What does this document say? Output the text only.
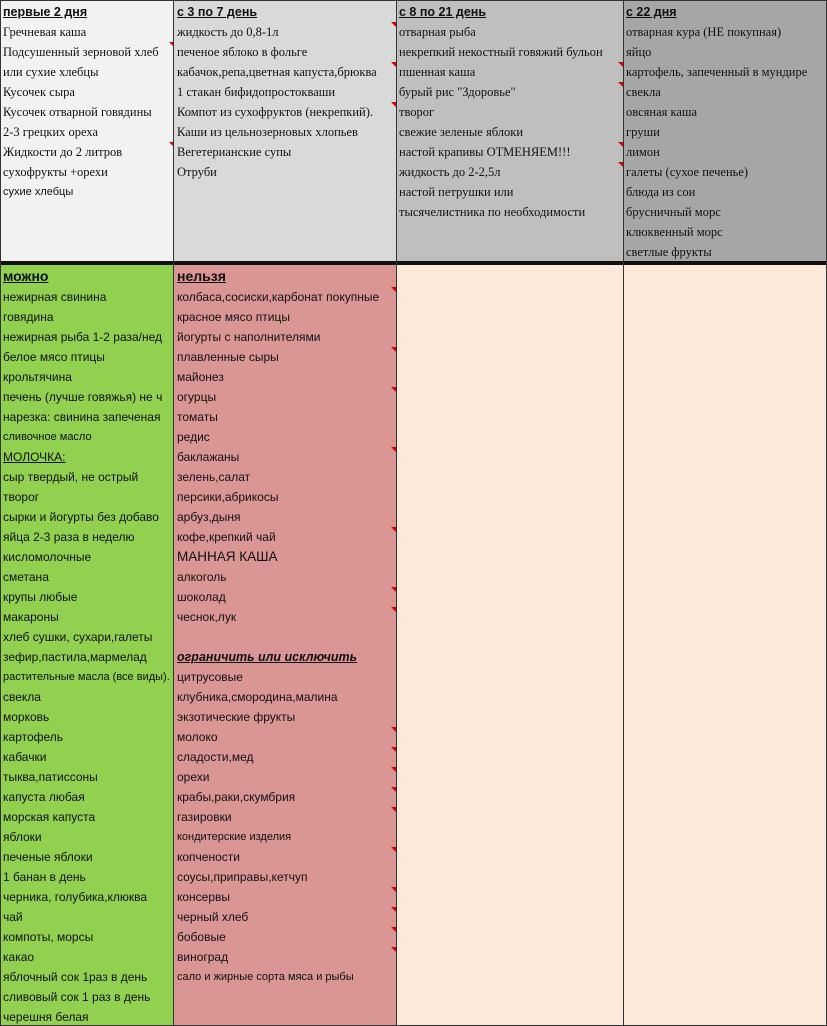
первые 2 дня
Гречневая каша
Подсушенный зерновой хлеб
или сухие хлебцы
Кусочек сыра
Кусочек отварной говядины
2-3 грецких ореха
Жидкости до 2 литров
сухофрукты +орехи
сухие хлебцы
с 3 по 7 день
жидкость до 0,8-1л
печеное яблоко в фольге
кабачок,репа,цветная капуста,брюква
1 стакан бифидопростокваши
Компот из сухофруктов (некрепкий).
Каши из цельнозерновых хлопьев
Вегетерианские супы
Отруби
с 8 по 21 день
отварная рыба
некрепкий некостный говяжий бульон
пшенная каша
бурый рис "Здоровье"
творог
свежие зеленые яблоки
настой крапивы ОТМЕНЯЕМ!!!
жидкость до 2-2,5л
настой петрушки или
тысячелистника по необходимости
с 22 дня
отварная кура (НЕ покупная)
яйцо
картофель, запеченный в мундире
свекла
овсяная каша
груши
лимон
галеты (сухое печенье)
блюда из сои
брусничный морс
клюквенный морс
светлые фрукты
можно
нежирная свинина
говядина
нежирная рыба 1-2 раза/нед
белое мясо птицы
крольтячина
печень (лучше говяжья) не ч
нарезка: свинина запеченая
сливочное масло
МОЛОЧКА:
сыр твердый, не острый
творог
сырки и йогурты без добаво
яйца 2-3 раза в неделю
кисломолочные
сметана
крупы любые
макароны
хлеб сушки, сухари,галеты
зефир,пастила,мармелад
растительные масла (все виды).
свекла
морковь
картофель
кабачки
тыква,патиссоны
капуста любая
морская капуста
яблоки
печеные яблоки
1 банан в день
черника, голубика,клюква
чай
компоты, морсы
какао
яблочный сок 1раз в день
сливовый сок 1 раз в день
черешня белая
нельзя
колбаса,сосиски,карбонат покупные
красное мясо птицы
йогурты с наполнителями
плавленные сыры
майонез
огурцы
томаты
редис
баклажаны
зелень,салат
персики,абрикосы
арбуз,дыня
кофе,крепкий чай
МАННАЯ КАША
алкоголь
шоколад
чеснок,лук
ограничить или исключить
цитрусовые
клубника,смородина,малина
экзотические фрукты
молоко
сладости,мед
орехи
крабы,раки,скумбрия
газировки
кондитерские изделия
копчености
соусы,приправы,кетчуп
консервы
черный хлеб
бобовые
виноград
сало и жирные сорта мяса и рыбы
